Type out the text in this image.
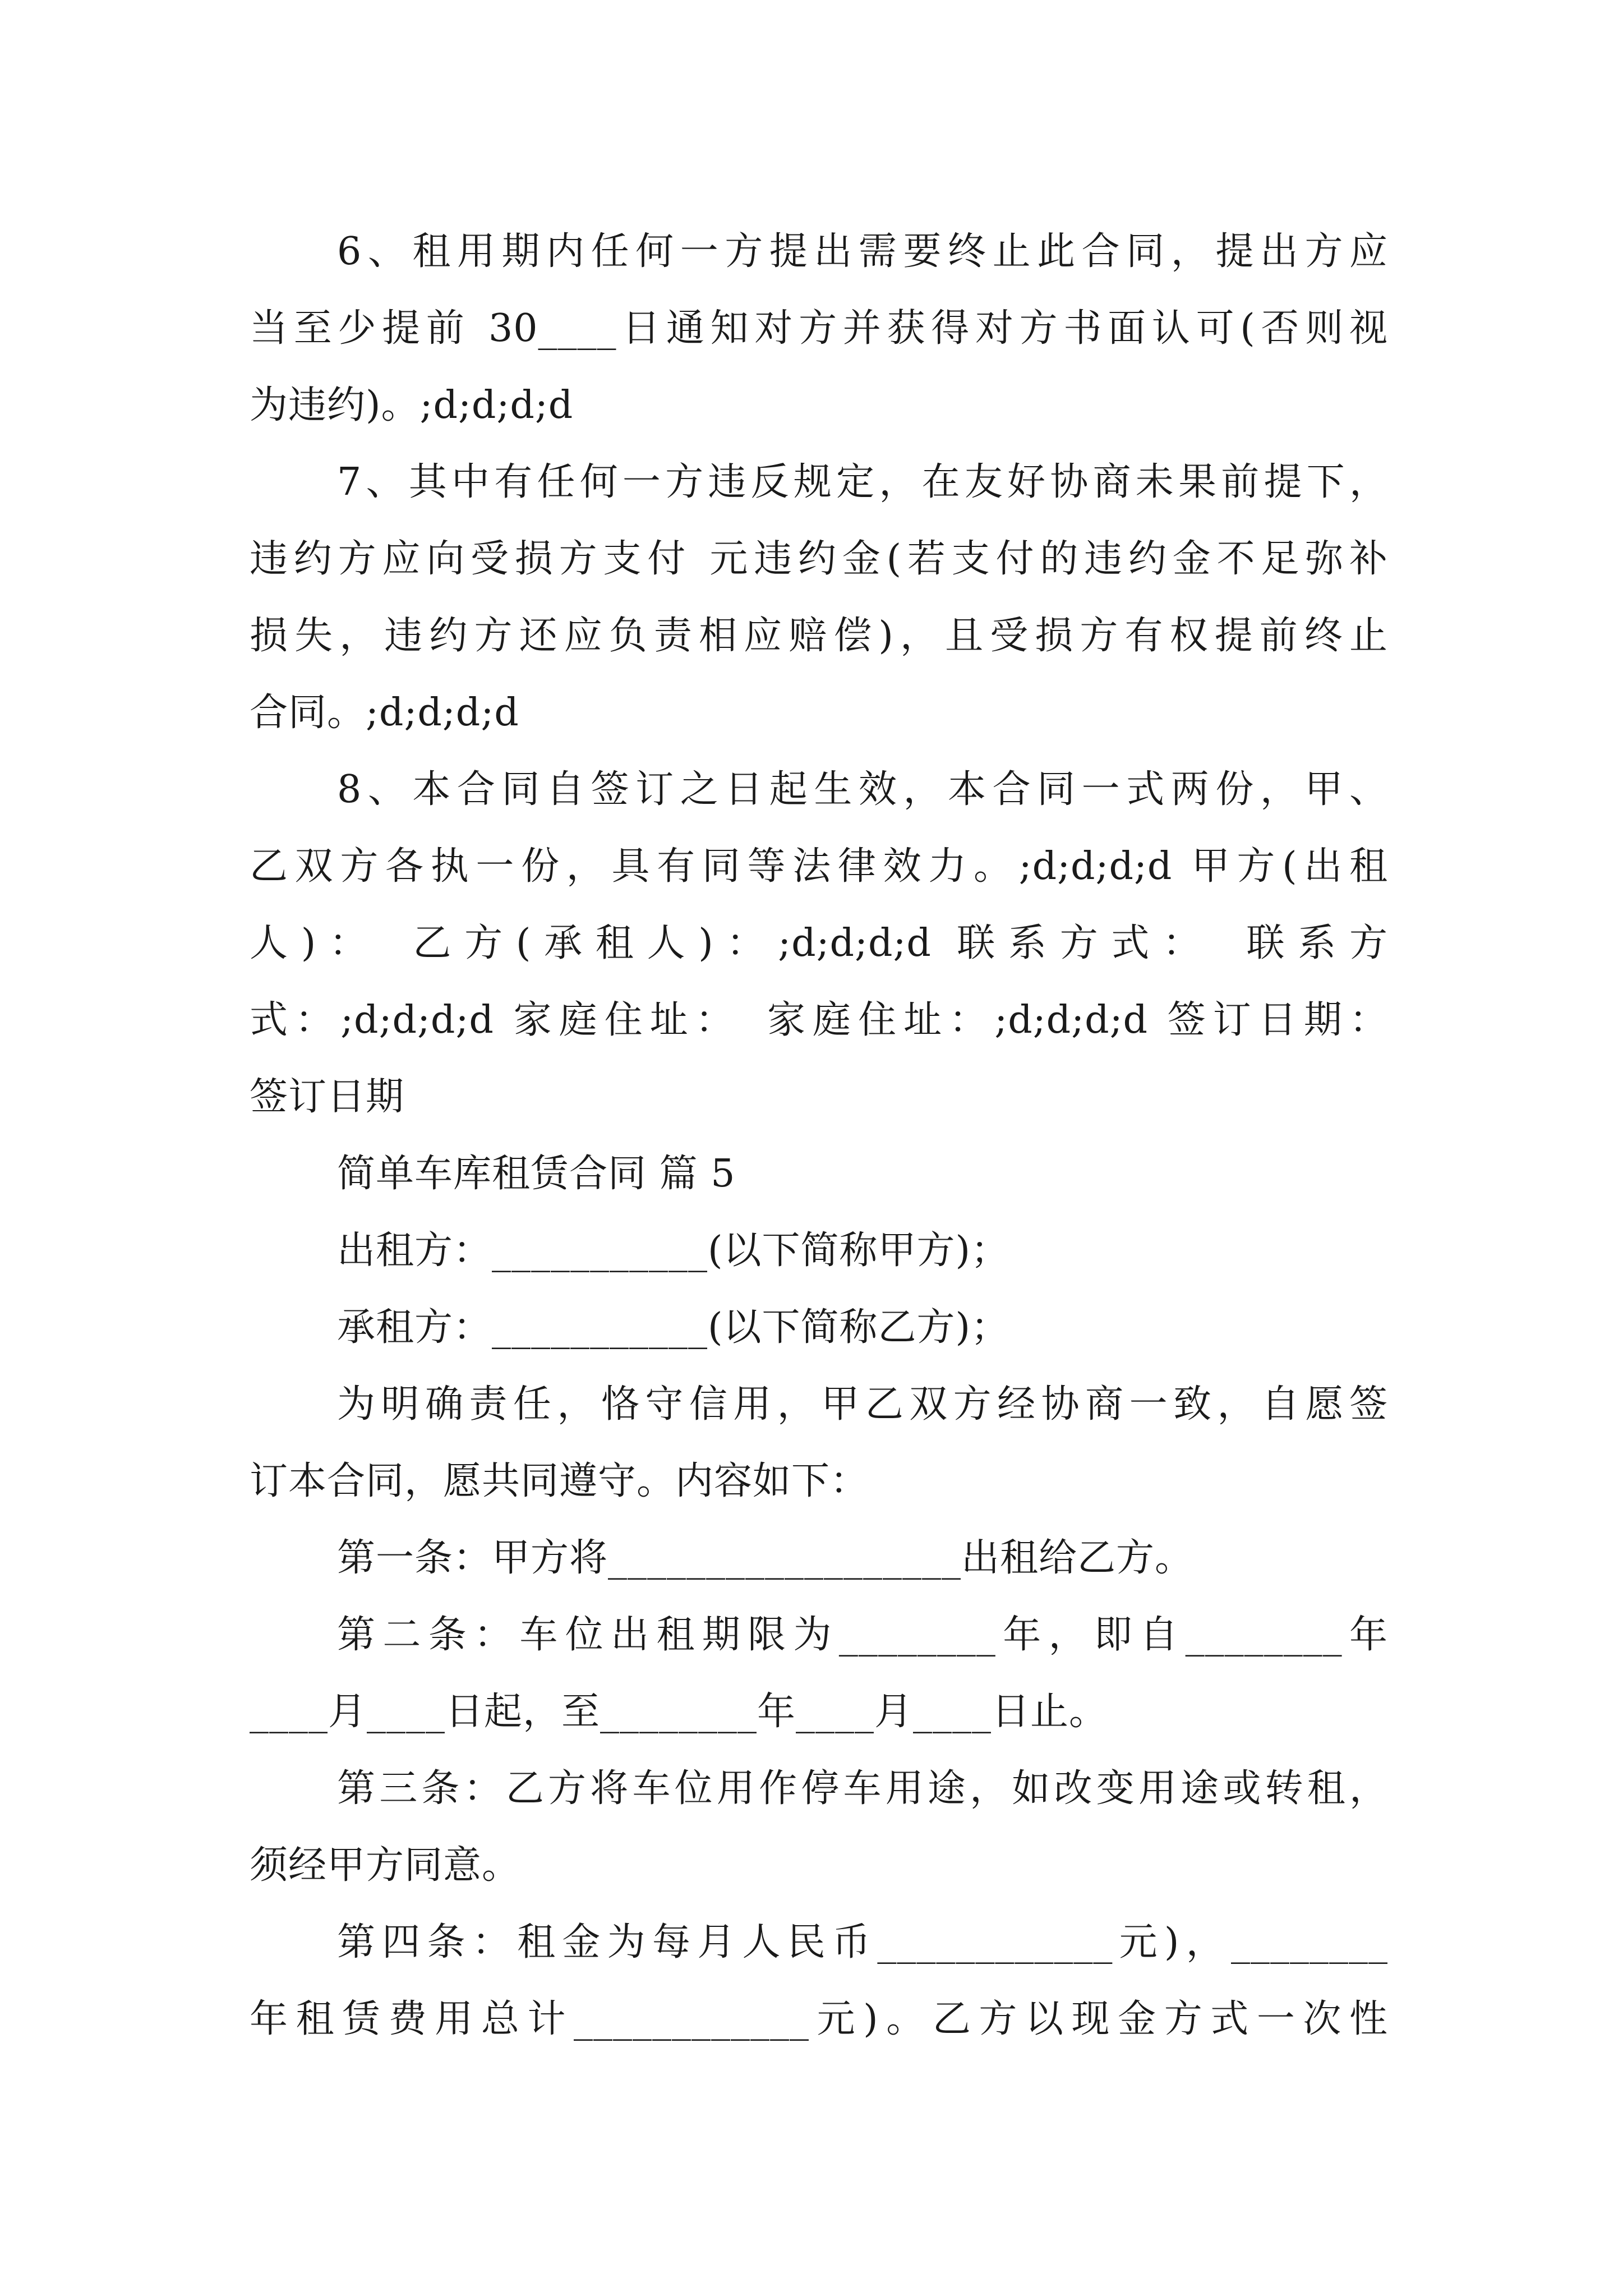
6、租用期内任何一方提出需要终止此合同，提出方应
当至少提前 30____日通知对方并获得对方书面认可(否则视
为违约)。;d;d;d;d
7、其中有任何一方违反规定，在友好协商未果前提下，
违约方应向受损方支付 元违约金(若支付的违约金不足弥补
损失，违约方还应负责相应赔偿)，且受损方有权提前终止
合同。;d;d;d;d
8、本合同自签订之日起生效，本合同一式两份，甲、
乙双方各执一份，具有同等法律效力。;d;d;d;d 甲方(出租
人)：　乙方(承租人)：;d;d;d;d 联系方式：　联系方
式：;d;d;d;d 家庭住址：　家庭住址：;d;d;d;d 签订日期：
签订日期
简单车库租赁合同 篇 5
出租方：___________(以下简称甲方)；
承租方：___________(以下简称乙方)；
为明确责任，恪守信用，甲乙双方经协商一致，自愿签
订本合同，愿共同遵守。内容如下：
第一条：甲方将__________________出租给乙方。
第二条：车位出租期限为________年，即自________年
____月____日起，至________年____月____日止。
第三条：乙方将车位用作停车用途，如改变用途或转租，
须经甲方同意。
第四条：租金为每月人民币____________元)，________
年租赁费用总计____________元)。乙方以现金方式一次性
